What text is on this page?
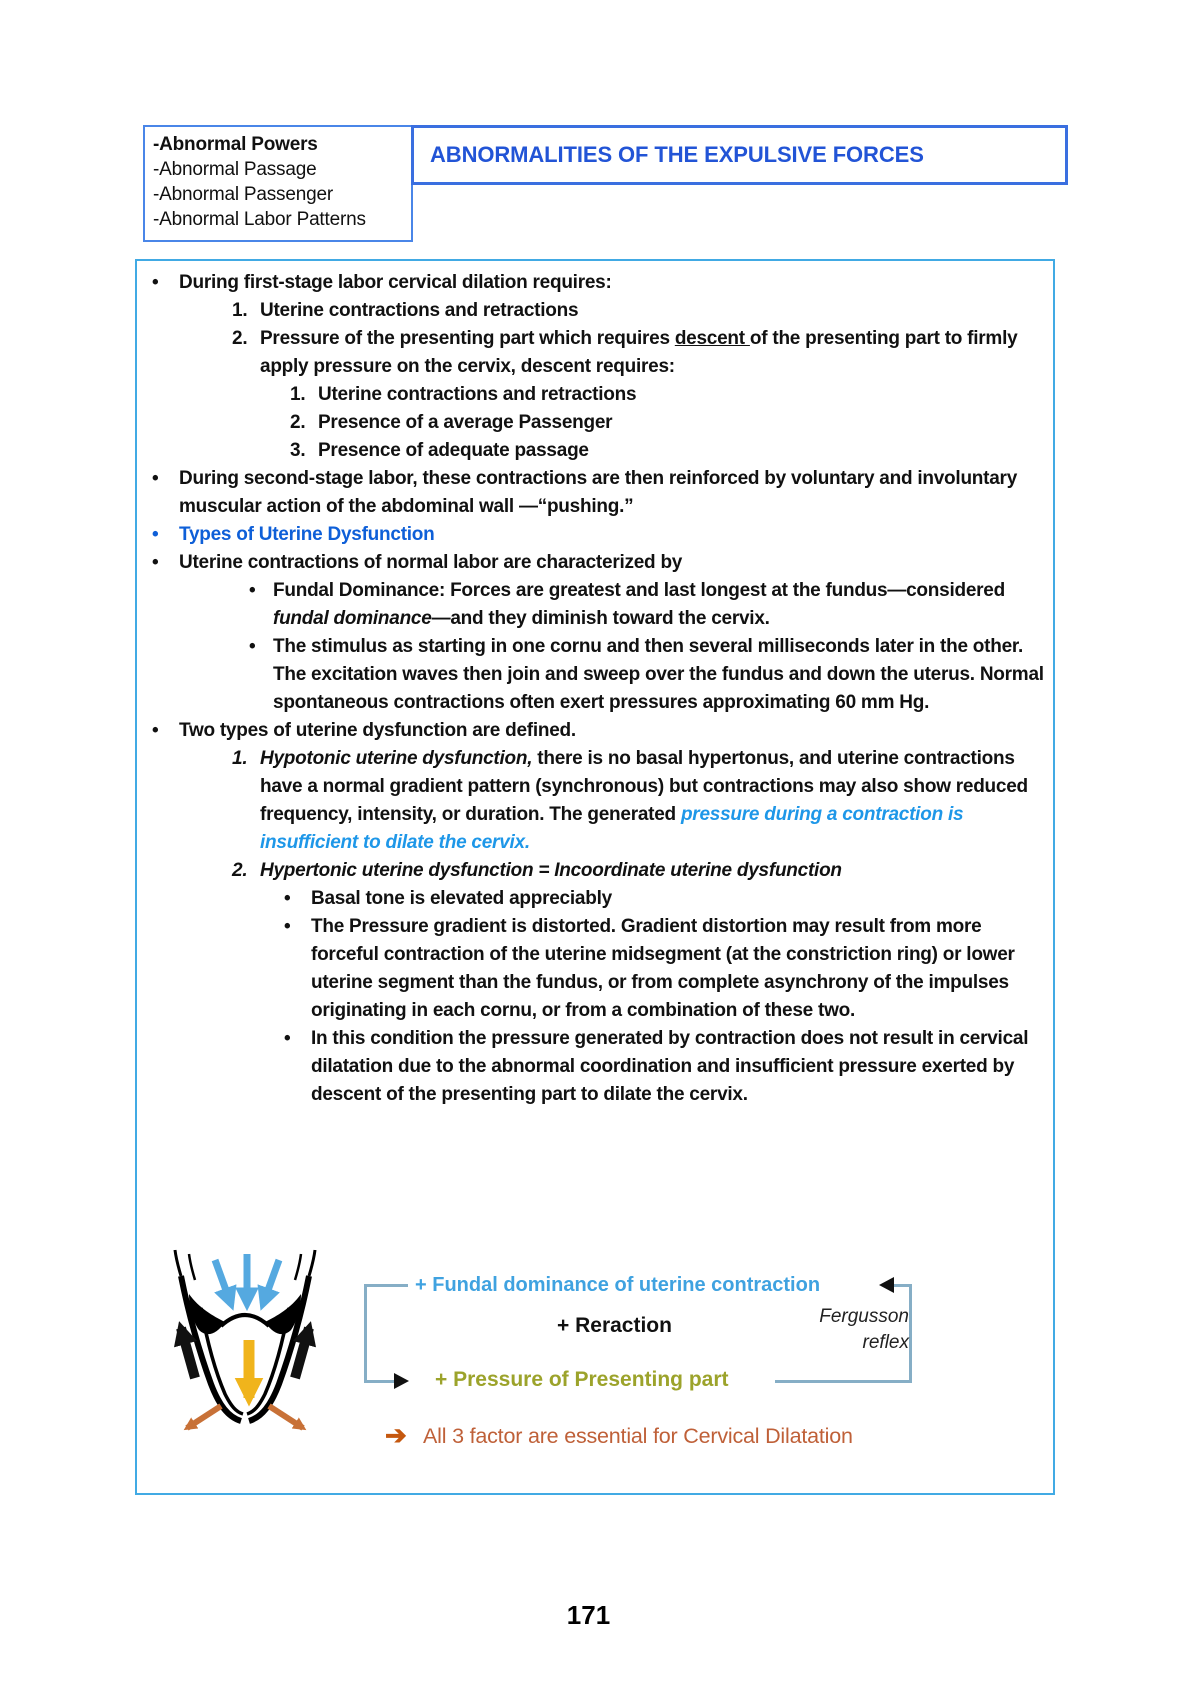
-Abnormal Powers
-Abnormal Passage
-Abnormal Passenger
-Abnormal Labor Patterns
ABNORMALITIES OF THE EXPULSIVE FORCES
•	During first-stage labor cervical dilation requires:
1. Uterine contractions and retractions
2. Pressure of the presenting part which requires descent of the presenting part to firmly apply pressure on the cervix, descent requires:
1. Uterine contractions and retractions
2. Presence of a average Passenger
3. Presence of adequate passage
•	During second-stage labor, these contractions are then reinforced by voluntary and involuntary muscular action of the abdominal wall —“pushing.”
•	Types of Uterine Dysfunction
•	Uterine contractions of normal labor are characterized by
• Fundal Dominance: Forces are greatest and last longest at the fundus—considered fundal dominance—and they diminish toward the cervix.
• The stimulus as starting in one cornu and then several milliseconds later in the other. The excitation waves then join and sweep over the fundus and down the uterus. Normal spontaneous contractions often exert pressures approximating 60 mm Hg.
•	Two types of uterine dysfunction are defined.
1. Hypotonic uterine dysfunction, there is no basal hypertonus, and uterine contractions have a normal gradient pattern (synchronous) but contractions may also show reduced frequency, intensity, or duration. The generated pressure during a contraction is insufficient to dilate the cervix.
2. Hypertonic uterine dysfunction = Incoordinate uterine dysfunction
•	Basal tone is elevated appreciably
•	The Pressure gradient is distorted. Gradient distortion may result from more forceful contraction of the uterine midsegment (at the constriction ring) or lower uterine segment than the fundus, or from complete asynchrony of the impulses originating in each cornu, or from a combination of these two.
•	In this condition the pressure generated by contraction does not result in cervical dilatation due to the abnormal coordination and insufficient pressure exerted by descent of the presenting part to dilate the cervix.
+ Fundal dominance of uterine contraction
+ Reraction	Fergusson
reflex
+ Pressure of Presenting part
➔ All 3 factor are essential for Cervical Dilatation
171
